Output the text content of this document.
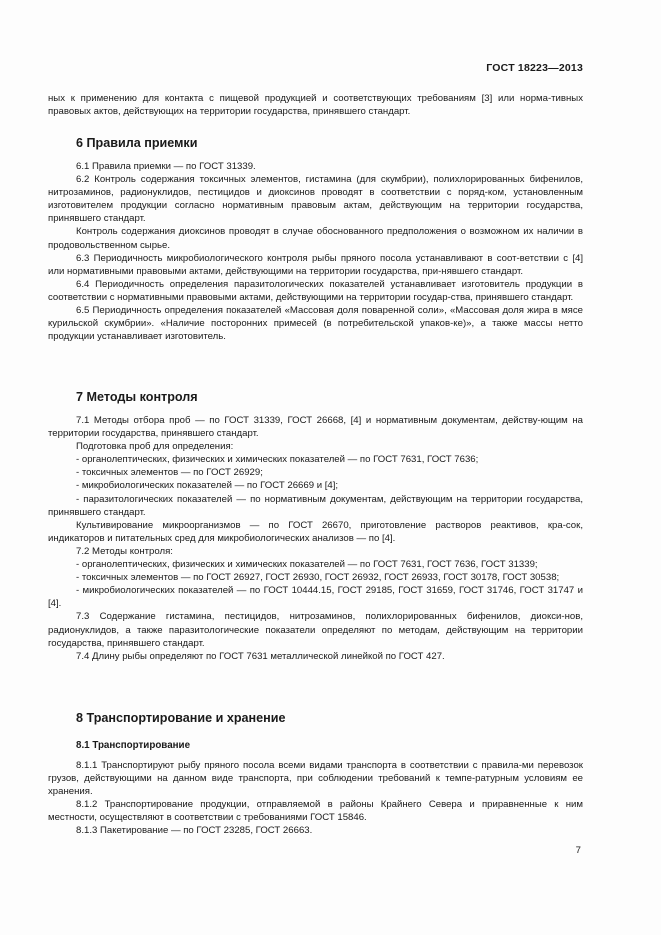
ГОСТ 18223—2013

ных к применению для контакта с пищевой продукцией и соответствующих требованиям [3] или норма-тивных правовых актов, действующих на территории государства, принявшего стандарт.

6 Правила приемки

6.1 Правила приемки — по ГОСТ 31339.

6.2 Контроль содержания токсичных элементов, гистамина (для скумбрии), полихлорированных бифенилов, нитрозаминов, радионуклидов, пестицидов и диоксинов проводят в соответствии с поряд-ком, установленным изготовителем продукции согласно нормативным правовым актам, действующим на территории государства, принявшего стандарт.

Контроль содержания диоксинов проводят в случае обоснованного предположения о возможном их наличии в продовольственном сырье.

6.3 Периодичность микробиологического контроля рыбы пряного посола устанавливают в соот-ветствии с [4] или нормативными правовыми актами, действующими на территории государства, при-нявшего стандарт.

6.4 Периодичность определения паразитологических показателей устанавливает изготовитель продукции в соответствии с нормативными правовыми актами, действующими на территории государ-ства, принявшего стандарт.

6.5 Периодичность определения показателей «Массовая доля поваренной соли», «Массовая доля жира в мясе курильской скумбрии». «Наличие посторонних примесей (в потребительской упаков-ке)», а также массы нетто продукции устанавливает изготовитель.

7 Методы контроля

7.1 Методы отбора проб — по ГОСТ 31339, ГОСТ 26668, [4] и нормативным документам, действу-ющим на территории государства, принявшего стандарт.

Подготовка проб для определения:

- органолептических, физических и химических показателей — по ГОСТ 7631, ГОСТ 7636;

- токсичных элементов — по ГОСТ 26929;

- микробиологических показателей — по ГОСТ 26669 и [4];

- паразитологических показателей — по нормативным документам, действующим на территории государства, принявшего стандарт.

Культивирование микроорганизмов — по ГОСТ 26670, приготовление растворов реактивов, кра-сок, индикаторов и питательных сред для микробиологических анализов — по [4].

7.2 Методы контроля:

- органолептических, физических и химических показателей — по ГОСТ 7631, ГОСТ 7636, ГОСТ 31339;

- токсичных элементов — по ГОСТ 26927, ГОСТ 26930, ГОСТ 26932, ГОСТ 26933, ГОСТ 30178, ГОСТ 30538;

- микробиологических показателей — по ГОСТ 10444.15, ГОСТ 29185, ГОСТ 31659, ГОСТ 31746, ГОСТ 31747 и [4].

7.3 Содержание гистамина, пестицидов, нитрозаминов, полихлорированных бифенилов, диокси-нов, радионуклидов, а также паразитологические показатели определяют по методам, действующим на территории государства, принявшего стандарт.

7.4 Длину рыбы определяют по ГОСТ 7631 металлической линейкой по ГОСТ 427.

8 Транспортирование и хранение

8.1 Транспортирование

8.1.1 Транспортируют рыбу пряного посола всеми видами транспорта в соответствии с правила-ми перевозок грузов, действующими на данном виде транспорта, при соблюдении требований к темпе-ратурным условиям ее хранения.

8.1.2 Транспортирование продукции, отправляемой в районы Крайнего Севера и приравненные к ним местности, осуществляют в соответствии с требованиями ГОСТ 15846.

8.1.3 Пакетирование — по ГОСТ 23285, ГОСТ 26663.

7
